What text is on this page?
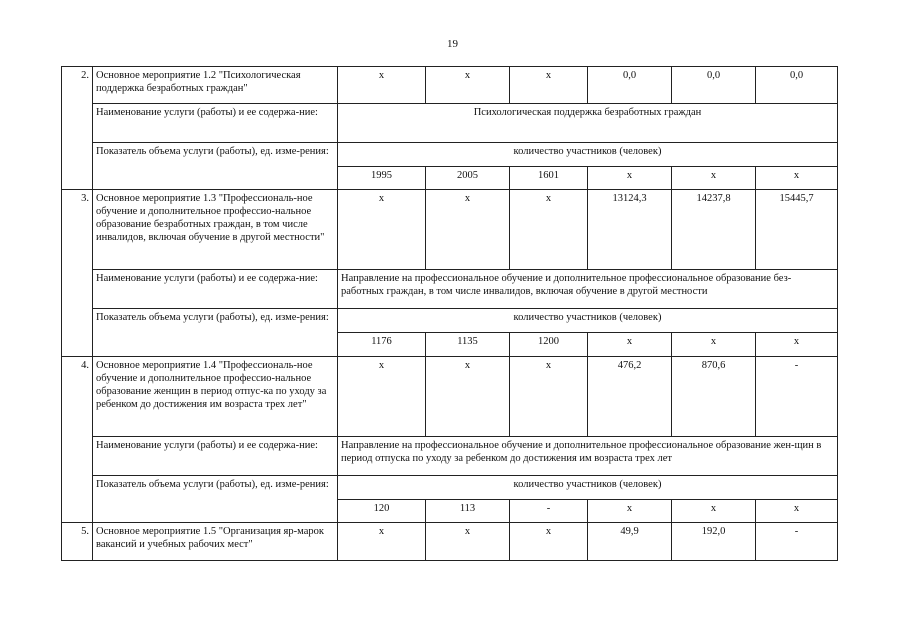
19
2.	Основное мероприятие 1.2 "Психологическая поддержка безработных граждан"	х	х	х	0,0	0,0	0,0
	Наименование услуги (работы) и ее содержа-ние:	Психологическая поддержка безработных граждан					
	Показатель объема услуги (работы), ед. изме-рения:	количество участников (человек)					
		1995	2005	1601	х	х	х
3.	Основное мероприятие 1.3 "Профессиональ-ное обучение и дополнительное профессио-нальное образование безработных граждан, в том числе инвалидов, включая обучение в другой местности"	х	х	х	13124,3	14237,8	15445,7
	Наименование услуги (работы) и ее содержа-ние:	Направление на профессиональное обучение и дополнительное профессиональное образование без-работных граждан, в том числе инвалидов, включая обучение в другой местности					
	Показатель объема услуги (работы), ед. изме-рения:	количество участников (человек)					
		1176	1135	1200	х	х	х
4.	Основное мероприятие 1.4 "Профессиональ-ное обучение и дополнительное профессио-нальное образование женщин в период отпус-ка по уходу за ребенком до достижения им возраста трех лет"	х	х	х	476,2	870,6	-
	Наименование услуги (работы) и ее содержа-ние:	Направление на профессиональное обучение и дополнительное профессиональное образование жен-щин в период отпуска по уходу за ребенком до достижения им возраста трех лет					
	Показатель объема услуги (работы), ед. изме-рения:	количество участников (человек)					
		120	113	-	х	х	х
5.	Основное мероприятие 1.5 "Организация яр-марок вакансий и учебных рабочих мест"	х	х	х	49,9	192,0	-
